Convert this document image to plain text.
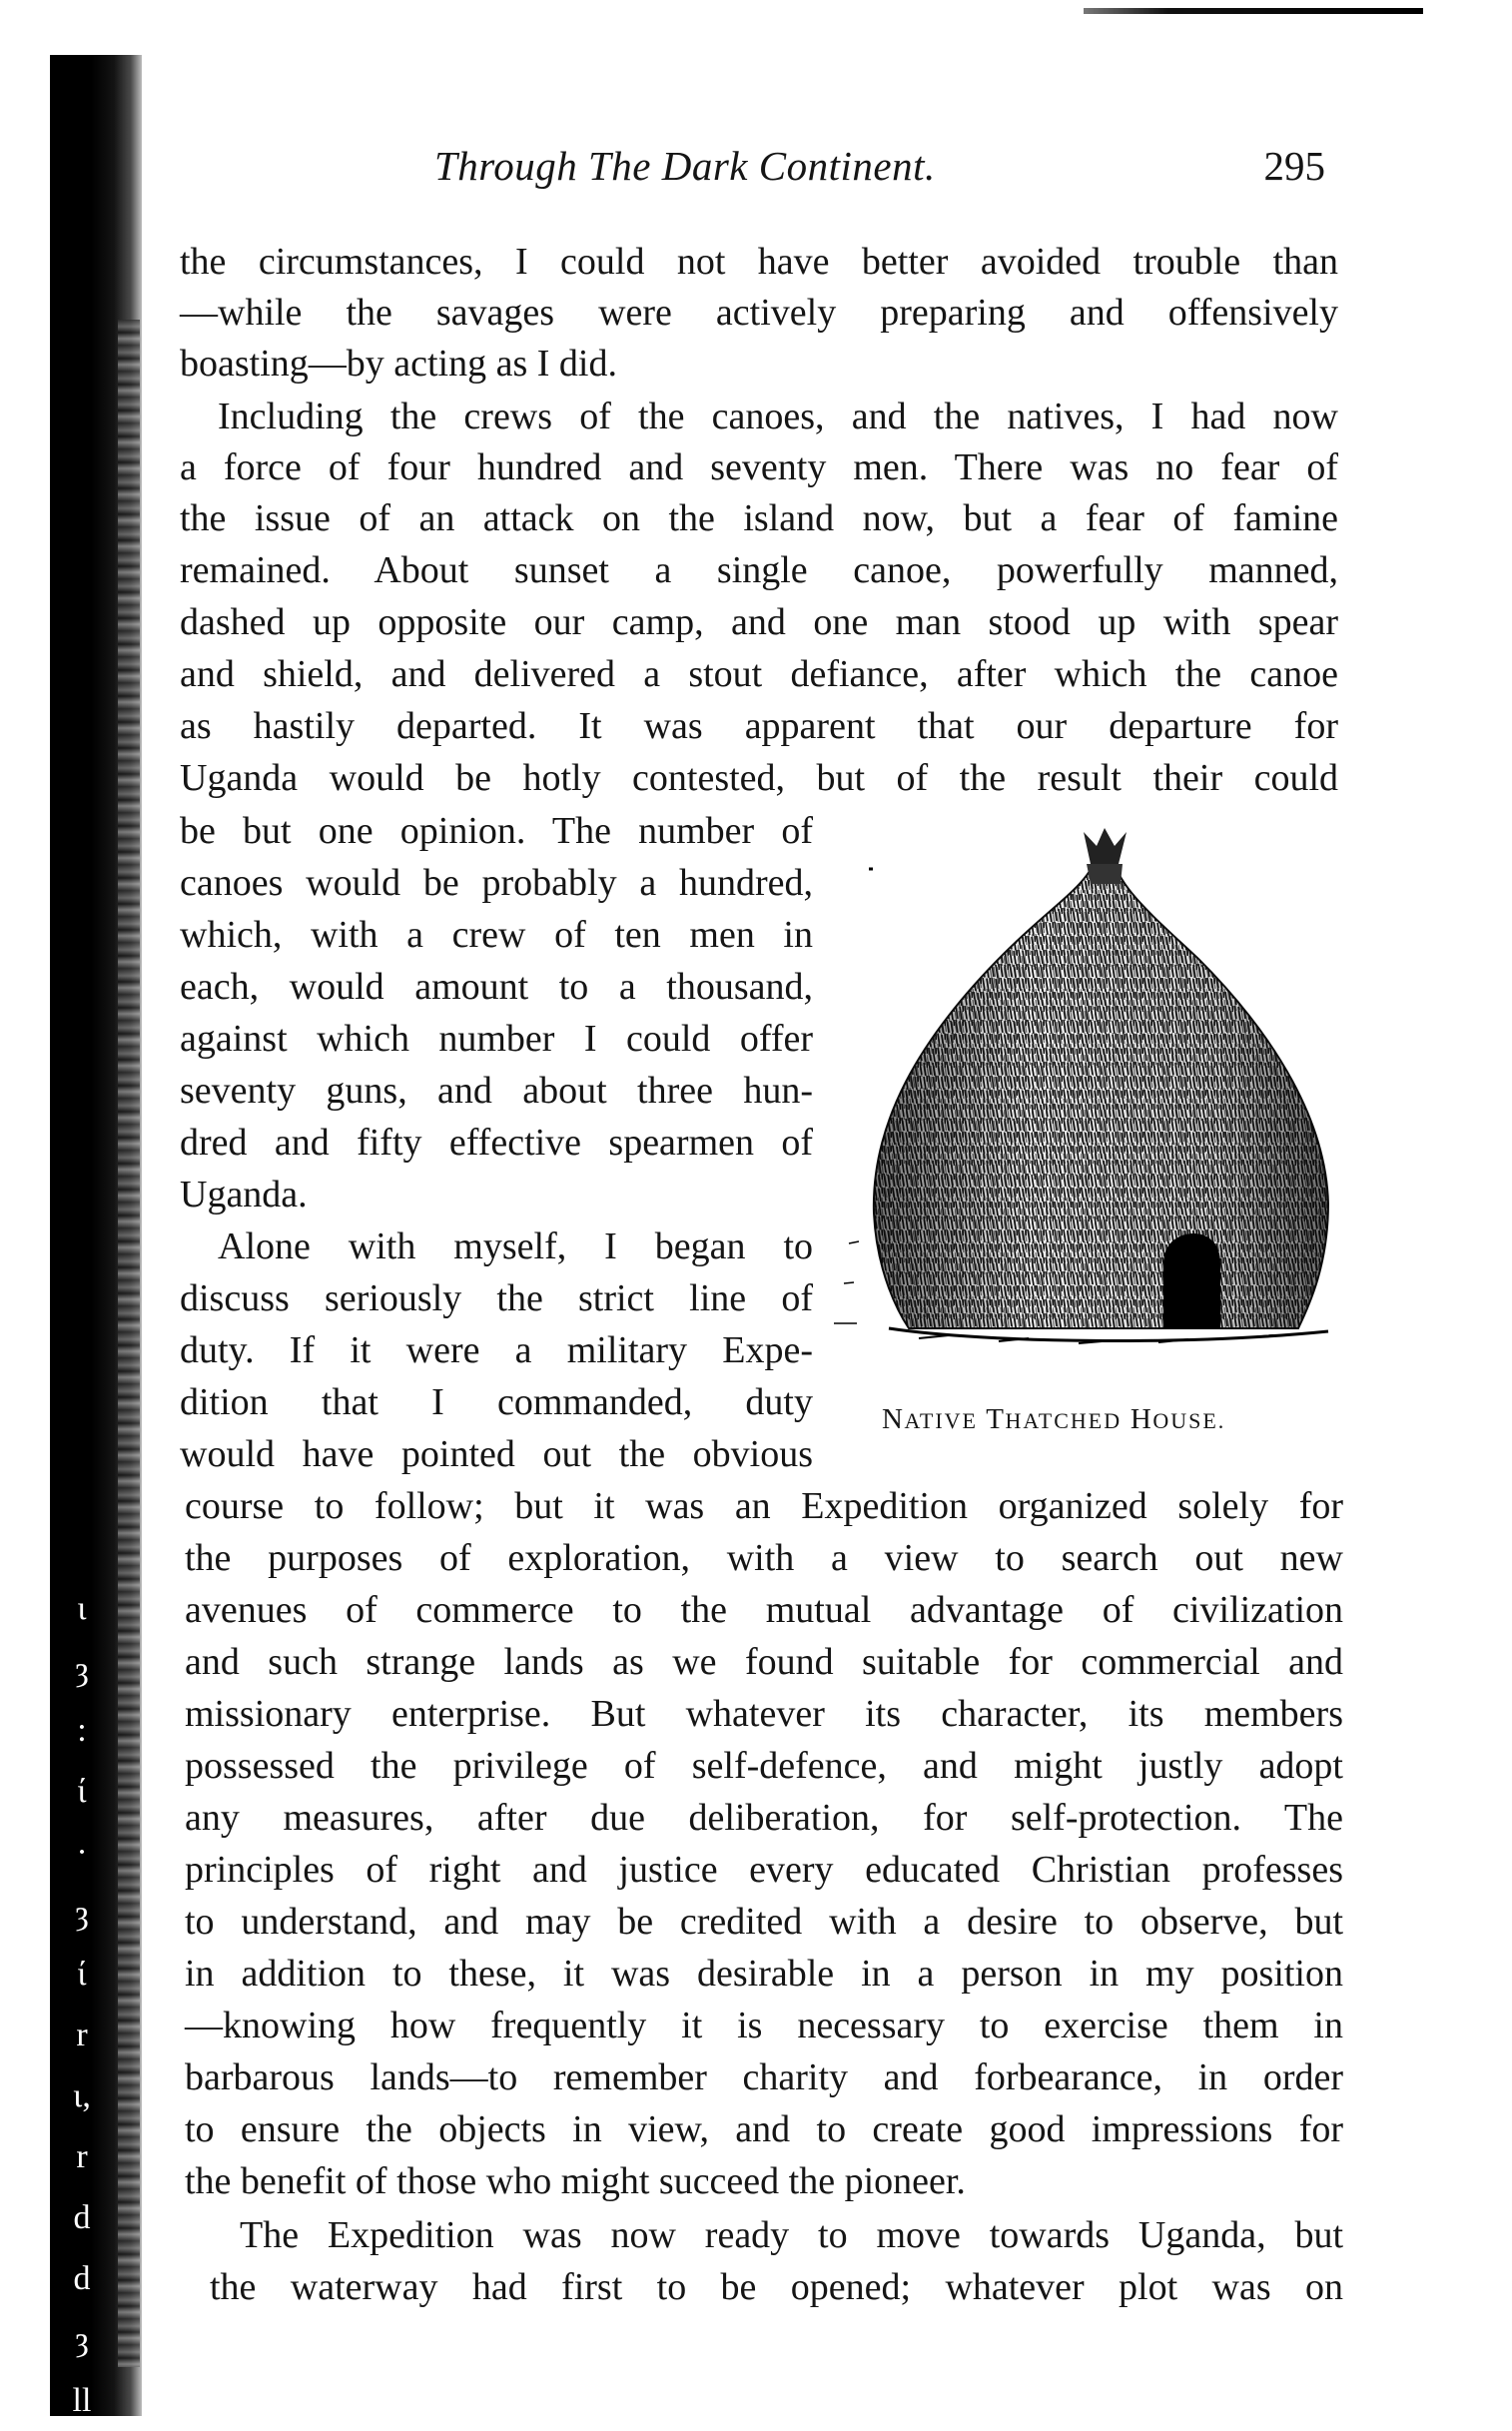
ι
ȝ
:
ί
·
ȝ
ί
r
ι,
r
d
d
ȝ
ll
Through The Dark Continent.	295
the circumstances, I could not have better avoided trouble than
—while the savages were actively preparing and offensively
boasting—by acting as I did.
Including the crews of the canoes, and the natives, I had now
a force of four hundred and seventy men. There was no fear of
the issue of an attack on the island now, but a fear of famine
remained. About sunset a single canoe, powerfully manned,
dashed up opposite our camp, and one man stood up with spear
and shield, and delivered a stout defiance, after which the canoe
as hastily departed. It was apparent that our departure for
Uganda would be hotly contested, but of the result their could
be but one opinion. The number of
canoes would be probably a hundred,
which, with a crew of ten men in
each, would amount to a thousand,
against which number I could offer
seventy guns, and about three hun-
dred and fifty effective spearmen of
Uganda.
Alone with myself, I began to
discuss seriously the strict line of
duty. If it were a military Expe-
dition that I commanded, duty
would have pointed out the obvious
course to follow; but it was an Expedition organized solely for
the purposes of exploration, with a view to search out new
avenues of commerce to the mutual advantage of civilization
and such strange lands as we found suitable for commercial and
missionary enterprise. But whatever its character, its members
possessed the privilege of self-defence, and might justly adopt
any measures, after due deliberation, for self-protection. The
principles of right and justice every educated Christian professes
to understand, and may be credited with a desire to observe, but
in addition to these, it was desirable in a person in my position
—knowing how frequently it is necessary to exercise them in
barbarous lands—to remember charity and forbearance, in order
to ensure the objects in view, and to create good impressions for
the benefit of those who might succeed the pioneer.
The Expedition was now ready to move towards Uganda, but
the waterway had first to be opened; whatever plot was on
NATIVE THATCHED HOUSE.
